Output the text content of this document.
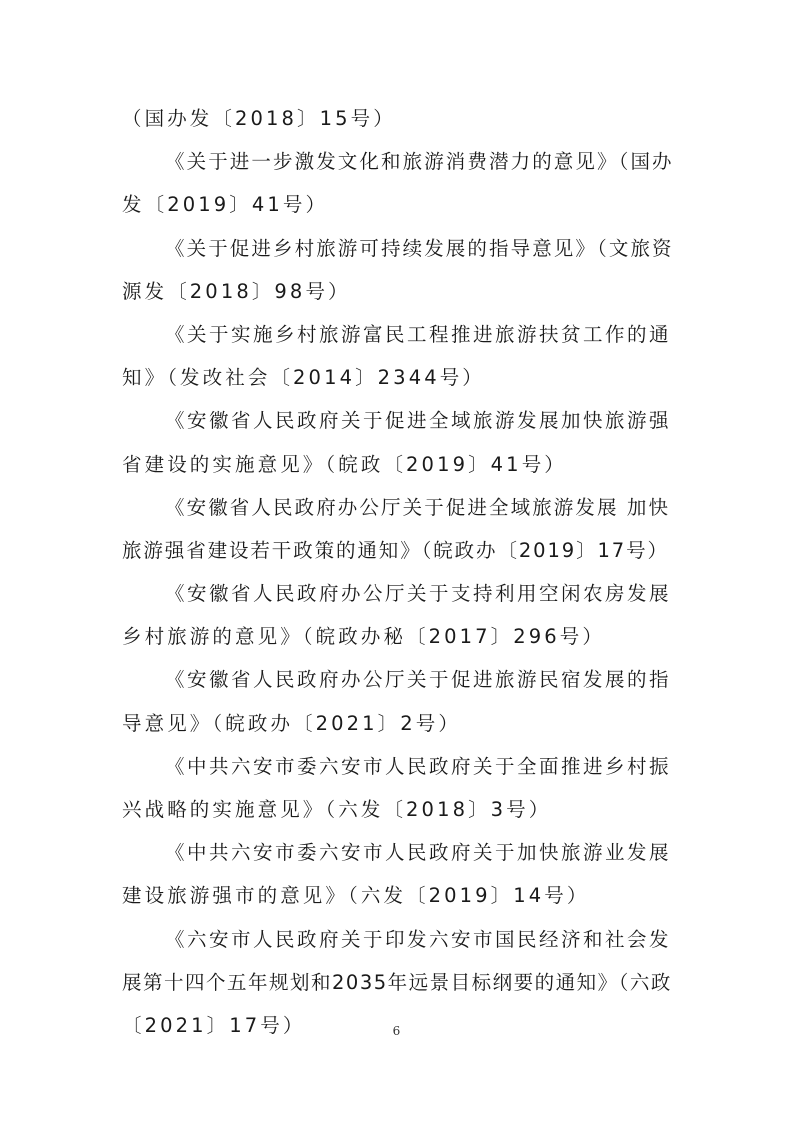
（国办发〔2018〕15号）
《关于进一步激发文化和旅游消费潜力的意见》（国办
发〔2019〕41号）
《关于促进乡村旅游可持续发展的指导意见》（文旅资
源发〔2018〕98号）
《关于实施乡村旅游富民工程推进旅游扶贫工作的通
知》（发改社会〔2014〕2344号）
《安徽省人民政府关于促进全域旅游发展加快旅游强
省建设的实施意见》（皖政〔2019〕41号）
《安徽省人民政府办公厅关于促进全域旅游发展 加快
旅游强省建设若干政策的通知》（皖政办〔2019〕17号）
《安徽省人民政府办公厅关于支持利用空闲农房发展
乡村旅游的意见》（皖政办秘〔2017〕296号）
《安徽省人民政府办公厅关于促进旅游民宿发展的指
导意见》（皖政办〔2021〕2号）
《中共六安市委六安市人民政府关于全面推进乡村振
兴战略的实施意见》（六发〔2018〕3号）
《中共六安市委六安市人民政府关于加快旅游业发展
建设旅游强市的意见》（六发〔2019〕14号）
《六安市人民政府关于印发六安市国民经济和社会发
展第十四个五年规划和2035年远景目标纲要的通知》（六政
〔2021〕17号）	6
